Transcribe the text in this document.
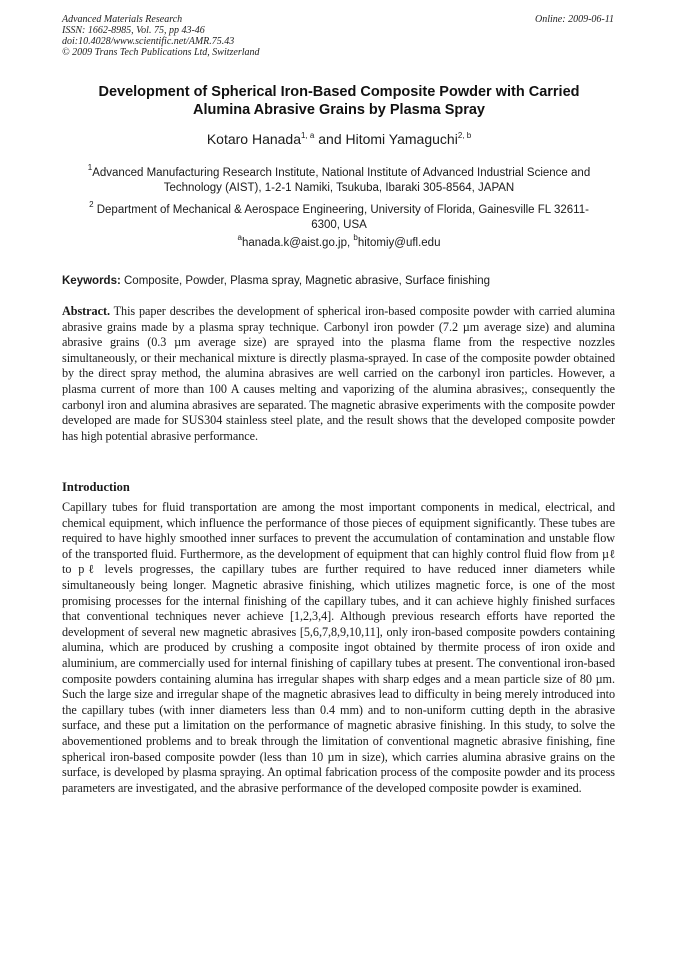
Advanced Materials Research
ISSN: 1662-8985, Vol. 75, pp 43-46
doi:10.4028/www.scientific.net/AMR.75.43
© 2009 Trans Tech Publications Ltd, Switzerland
Online: 2009-06-11
Development of Spherical Iron-Based Composite Powder with Carried
Alumina Abrasive Grains by Plasma Spray
Kotaro Hanada$^{1, a}$ and Hitomi Yamaguchi$^{2, b}$
$^1$Advanced Manufacturing Research Institute, National Institute of Advanced Industrial Science and
Technology (AIST), 1-2-1 Namiki, Tsukuba, Ibaraki 305-8564, JAPAN
$^2$ Department of Mechanical & Aerospace Engineering, University of Florida, Gainesville FL 32611-
6300, USA
$^a$hanada.k@aist.go.jp, $^b$hitomiy@ufl.edu
Keywords: Composite, Powder, Plasma spray, Magnetic abrasive, Surface finishing
Abstract. This paper describes the development of spherical iron-based composite powder with carried alumina abrasive grains made by a plasma spray technique. Carbonyl iron powder (7.2 µm average size) and alumina abrasive grains (0.3 µm average size) are sprayed into the plasma flame from the respective nozzles simultaneously, or their mechanical mixture is directly plasma-sprayed. In case of the composite powder obtained by the direct spray method, the alumina abrasives are well carried on the carbonyl iron particles. However, a plasma current of more than 100 A causes melting and vaporizing of the alumina abrasives;, consequently the carbonyl iron and alumina abrasives are separated. The magnetic abrasive experiments with the composite powder developed are made for SUS304 stainless steel plate, and the result shows that the developed composite powder has high potential abrasive performance.
Introduction
Capillary tubes for fluid transportation are among the most important components in medical, electrical, and chemical equipment, which influence the performance of those pieces of equipment significantly. These tubes are required to have highly smoothed inner surfaces to prevent the accumulation of contamination and unstable flow of the transported fluid. Furthermore, as the development of equipment that can highly control fluid flow from µℓ to pℓ levels progresses, the capillary tubes are further required to have reduced inner diameters while simultaneously being longer. Magnetic abrasive finishing, which utilizes magnetic force, is one of the most promising processes for the internal finishing of the capillary tubes, and it can achieve highly finished surfaces that conventional techniques never achieve [1,2,3,4]. Although previous research efforts have reported the development of several new magnetic abrasives [5,6,7,8,9,10,11], only iron-based composite powders containing alumina, which are produced by crushing a composite ingot obtained by thermite process of iron oxide and aluminium, are commercially used for internal finishing of capillary tubes at present. The conventional iron-based composite powders containing alumina has irregular shapes with sharp edges and a mean particle size of 80 µm. Such the large size and irregular shape of the magnetic abrasives lead to difficulty in being merely introduced into the capillary tubes (with inner diameters less than 0.4 mm) and to non-uniform cutting depth in the abrasive surface, and these put a limitation on the performance of magnetic abrasive finishing. In this study, to solve the abovementioned problems and to break through the limitation of conventional magnetic abrasive finishing, fine spherical iron-based composite powder (less than 10 µm in size), which carries alumina abrasive grains on the surface, is developed by plasma spraying. An optimal fabrication process of the composite powder and its process parameters are investigated, and the abrasive performance of the developed composite powder is examined.
